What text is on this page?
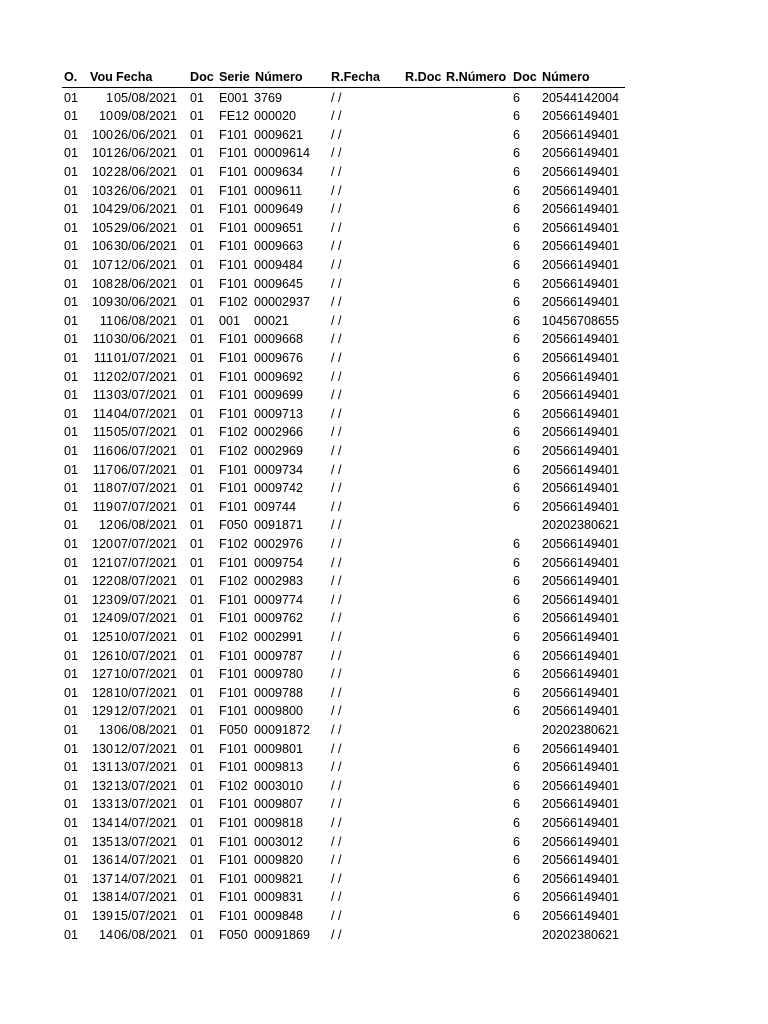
O. Vou Fecha	Doc Serie Número R.Fecha R.Doc R.Número Doc Número
01	1 05/08/2021 01 E001 3769	/ /	6 20544142004
01	10 09/08/2021 01 FE12 000020	/ /	6 20566149401
01	100 26/06/2021 01 F101 0009621 / /	6 20566149401
01	101 26/06/2021 01 F101 00009614 / /	6 20566149401
01	102 28/06/2021 01 F101 0009634 / /	6 20566149401
01	103 26/06/2021 01 F101 0009611 / /	6 20566149401
01	104 29/06/2021 01 F101 0009649 / /	6 20566149401
01	105 29/06/2021 01 F101 0009651 / /	6 20566149401
01	106 30/06/2021 01 F101 0009663 / /	6 20566149401
01	107 12/06/2021 01 F101 0009484 / /	6 20566149401
01	108 28/06/2021 01 F101 0009645 / /	6 20566149401
01	109 30/06/2021 01 F102 00002937 / /	6 20566149401
01	11 06/08/2021 01 001 00021	/ /	6 10456708655
01	110 30/06/2021 01 F101 0009668 / /	6 20566149401
01	111 01/07/2021 01 F101 0009676 / /	6 20566149401
01	112 02/07/2021 01 F101 0009692 / /	6 20566149401
01	113 03/07/2021 01 F101 0009699 / /	6 20566149401
01	114 04/07/2021 01 F101 0009713 / /	6 20566149401
01	115 05/07/2021 01 F102 0002966 / /	6 20566149401
01	116 06/07/2021 01 F102 0002969 / /	6 20566149401
01	117 06/07/2021 01 F101 0009734 / /	6 20566149401
01	118 07/07/2021 01 F101 0009742 / /	6 20566149401
01	119 07/07/2021 01 F101 009744	/ /	6 20566149401
01	12 06/08/2021 01 F050 0091871 / /	20202380621
01	120 07/07/2021 01 F102 0002976 / /	6 20566149401
01	121 07/07/2021 01 F101 0009754 / /	6 20566149401
01	122 08/07/2021 01 F102 0002983 / /	6 20566149401
01	123 09/07/2021 01 F101 0009774 / /	6 20566149401
01	124 09/07/2021 01 F101 0009762 / /	6 20566149401
01	125 10/07/2021 01 F102 0002991 / /	6 20566149401
01	126 10/07/2021 01 F101 0009787 / /	6 20566149401
01	127 10/07/2021 01 F101 0009780 / /	6 20566149401
01	128 10/07/2021 01 F101 0009788 / /	6 20566149401
01	129 12/07/2021 01 F101 0009800 / /	6 20566149401
01	13 06/08/2021 01 F050 00091872 / /	20202380621
01	130 12/07/2021 01 F101 0009801 / /	6 20566149401
01	131 13/07/2021 01 F101 0009813 / /	6 20566149401
01	132 13/07/2021 01 F102 0003010 / /	6 20566149401
01	133 13/07/2021 01 F101 0009807 / /	6 20566149401
01	134 14/07/2021 01 F101 0009818 / /	6 20566149401
01	135 13/07/2021 01 F101 0003012 / /	6 20566149401
01	136 14/07/2021 01 F101 0009820 / /	6 20566149401
01	137 14/07/2021 01 F101 0009821 / /	6 20566149401
01	138 14/07/2021 01 F101 0009831 / /	6 20566149401
01	139 15/07/2021 01 F101 0009848 / /	6 20566149401
01	14 06/08/2021 01 F050 00091869 / /	20202380621
